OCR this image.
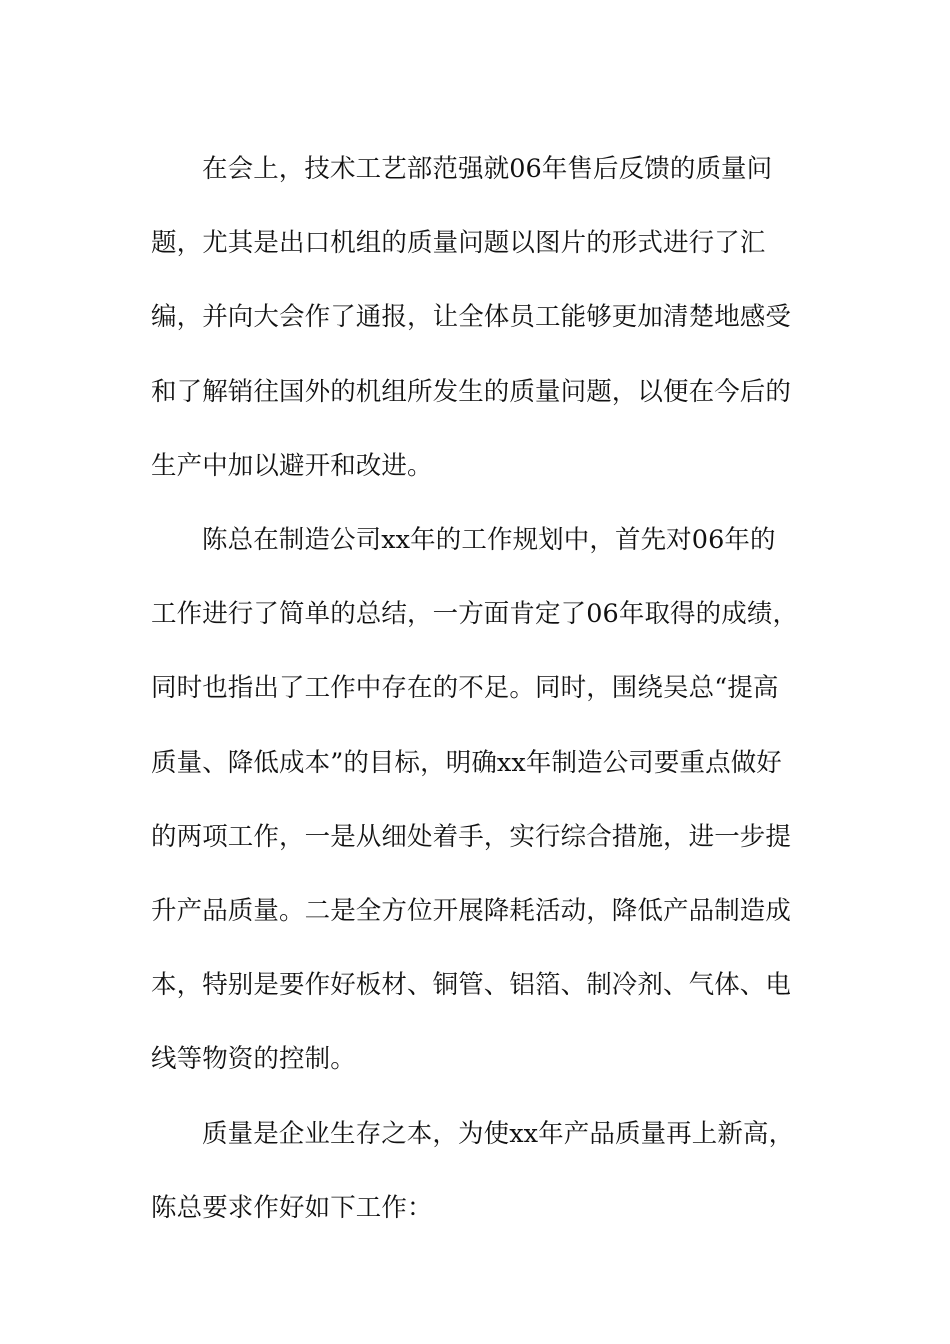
在会上，技术工艺部范强就06年售后反馈的质量问题，尤其是出口机组的质量问题以图片的形式进行了汇编，并向大会作了通报，让全体员工能够更加清楚地感受和了解销往国外的机组所发生的质量问题，以便在今后的生产中加以避开和改进。

陈总在制造公司xx年的工作规划中，首先对06年的工作进行了简单的总结，一方面肯定了06年取得的成绩，同时也指出了工作中存在的不足。同时，围绕吴总“提高质量、降低成本”的目标，明确xx年制造公司要重点做好的两项工作，一是从细处着手，实行综合措施，进一步提升产品质量。二是全方位开展降耗活动，降低产品制造成本，特别是要作好板材、铜管、铝箔、制冷剂、气体、电线等物资的控制。

质量是企业生存之本，为使xx年产品质量再上新高，陈总要求作好如下工作：
